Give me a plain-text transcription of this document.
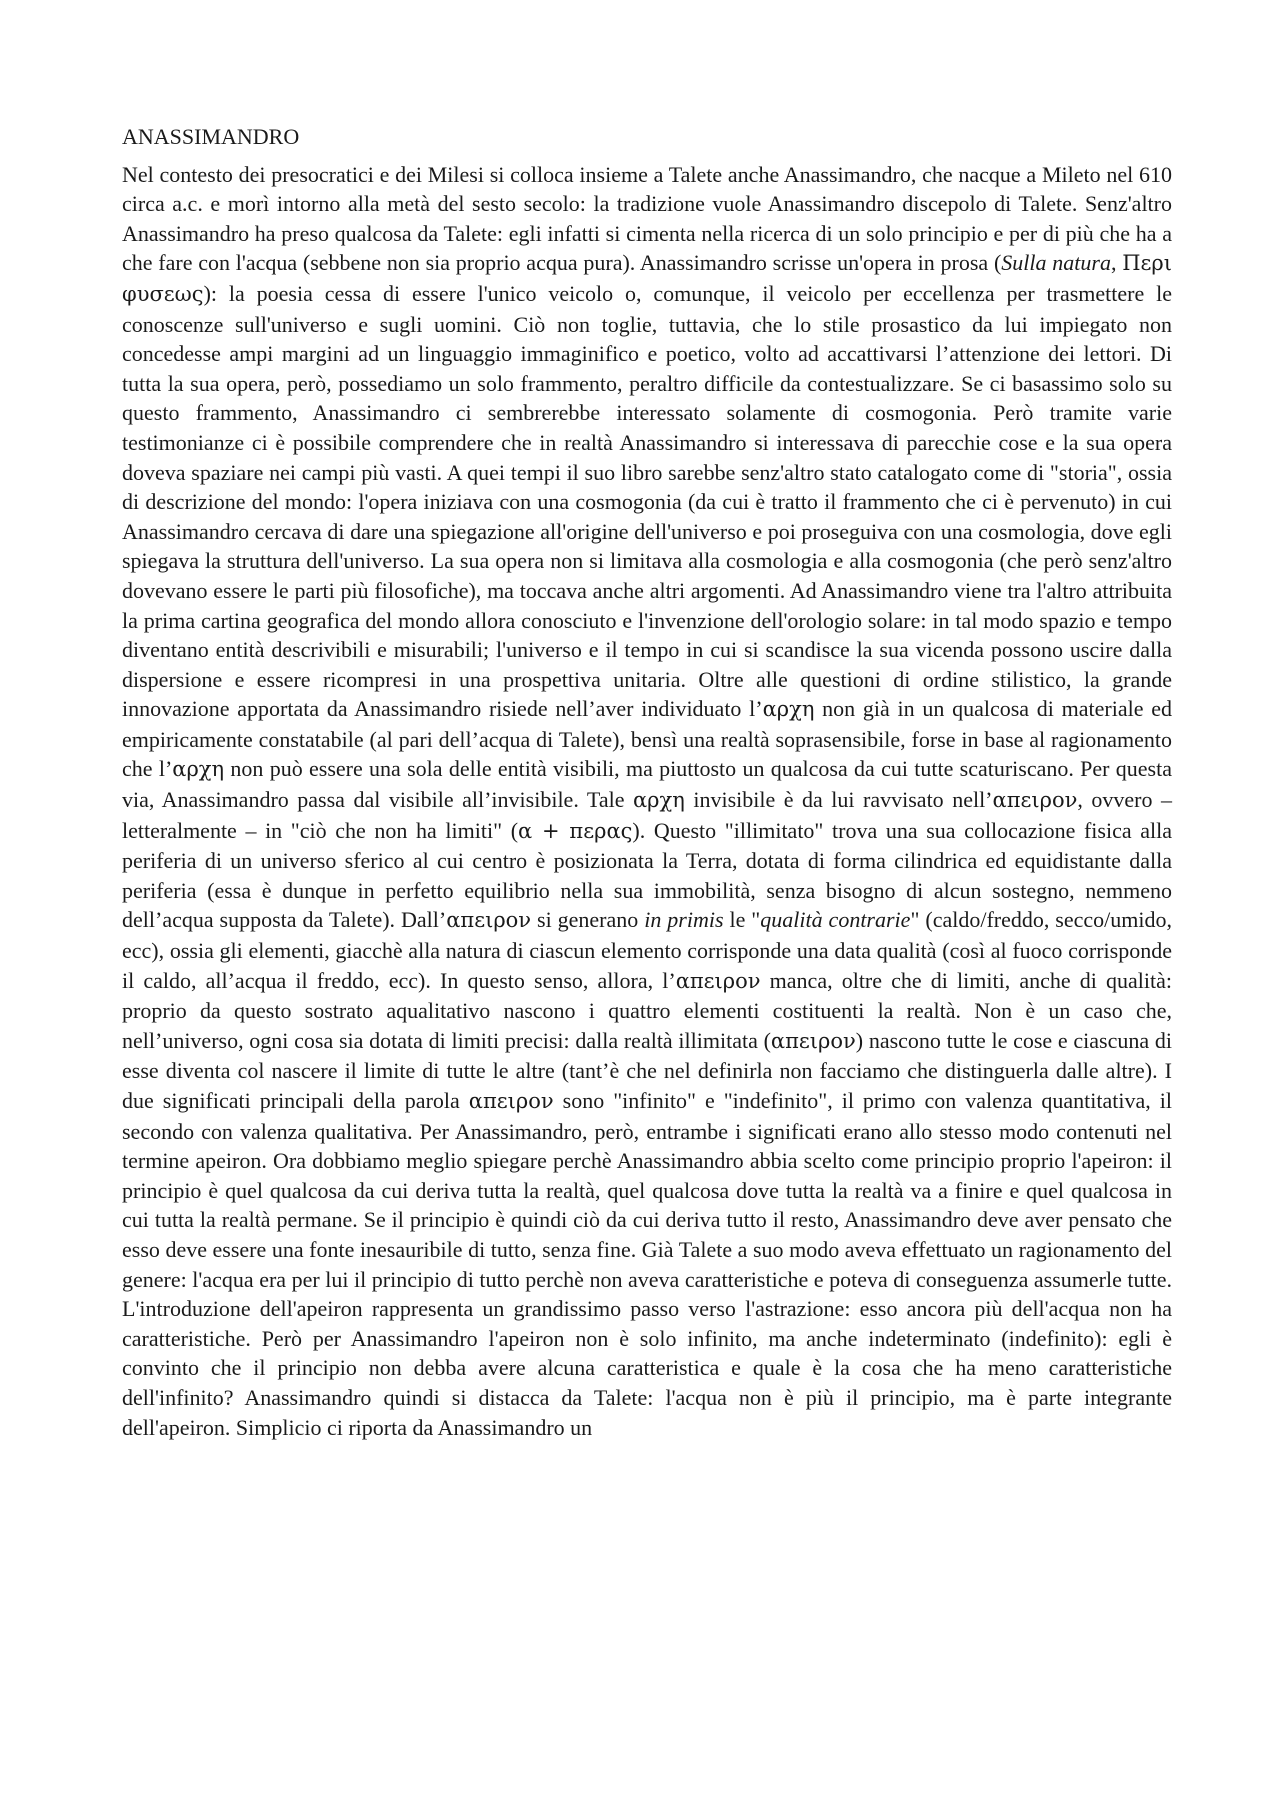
ANASSIMANDRO

Nel contesto dei presocratici e dei Milesi si colloca insieme a Talete anche Anassimandro, che nacque a Mileto nel 610 circa a.c. e morì intorno alla metà del sesto secolo: la tradizione vuole Anassimandro discepolo di Talete. Senz'altro Anassimandro ha preso qualcosa da Talete: egli infatti si cimenta nella ricerca di un solo principio e per di più che ha a che fare con l'acqua (sebbene non sia proprio acqua pura). Anassimandro scrisse un'opera in prosa (Sulla natura, Περι φυσεως): la poesia cessa di essere l'unico veicolo o, comunque, il veicolo per eccellenza per trasmettere le conoscenze sull'universo e sugli uomini. Ciò non toglie, tuttavia, che lo stile prosastico da lui impiegato non concedesse ampi margini ad un linguaggio immaginifico e poetico, volto ad accattivarsi l’attenzione dei lettori. Di tutta la sua opera, però, possediamo un solo frammento, peraltro difficile da contestualizzare. Se ci basassimo solo su questo frammento, Anassimandro ci sembrerebbe interessato solamente di cosmogonia. Però tramite varie testimonianze ci è possibile comprendere che in realtà Anassimandro si interessava di parecchie cose e la sua opera doveva spaziare nei campi più vasti. A quei tempi il suo libro sarebbe senz'altro stato catalogato come di "storia", ossia di descrizione del mondo: l'opera iniziava con una cosmogonia (da cui è tratto il frammento che ci è pervenuto) in cui Anassimandro cercava di dare una spiegazione all'origine dell'universo e poi proseguiva con una cosmologia, dove egli spiegava la struttura dell'universo. La sua opera non si limitava alla cosmologia e alla cosmogonia (che però senz'altro dovevano essere le parti più filosofiche), ma toccava anche altri argomenti. Ad Anassimandro viene tra l'altro attribuita la prima cartina geografica del mondo allora conosciuto e l'invenzione dell'orologio solare: in tal modo spazio e tempo diventano entità descrivibili e misurabili; l'universo e il tempo in cui si scandisce la sua vicenda possono uscire dalla dispersione e essere ricompresi in una prospettiva unitaria. Oltre alle questioni di ordine stilistico, la grande innovazione apportata da Anassimandro risiede nell’aver individuato l’αρχη non già in un qualcosa di materiale ed empiricamente constatabile (al pari dell’acqua di Talete), bensì una realtà soprasensibile, forse in base al ragionamento che l’αρχη non può essere una sola delle entità visibili, ma piuttosto un qualcosa da cui tutte scaturiscano. Per questa via, Anassimandro passa dal visibile all’invisibile. Tale αρχη invisibile è da lui ravvisato nell’απειρον, ovvero – letteralmente – in "ciò che non ha limiti" (α + περας). Questo "illimitato" trova una sua collocazione fisica alla periferia di un universo sferico al cui centro è posizionata la Terra, dotata di forma cilindrica ed equidistante dalla periferia (essa è dunque in perfetto equilibrio nella sua immobilità, senza bisogno di alcun sostegno, nemmeno dell’acqua supposta da Talete). Dall’απειρον si generano in primis le "qualità contrarie" (caldo/freddo, secco/umido, ecc), ossia gli elementi, giacchè alla natura di ciascun elemento corrisponde una data qualità (così al fuoco corrisponde il caldo, all’acqua il freddo, ecc). In questo senso, allora, l’απειρον manca, oltre che di limiti, anche di qualità: proprio da questo sostrato aqualitativo nascono i quattro elementi costituenti la realtà. Non è un caso che, nell’universo, ogni cosa sia dotata di limiti precisi: dalla realtà illimitata (απειρον) nascono tutte le cose e ciascuna di esse diventa col nascere il limite di tutte le altre (tant’è che nel definirla non facciamo che distinguerla dalle altre). I due significati principali della parola απειρον sono "infinito" e "indefinito", il primo con valenza quantitativa, il secondo con valenza qualitativa. Per Anassimandro, però, entrambe i significati erano allo stesso modo contenuti nel termine apeiron. Ora dobbiamo meglio spiegare perchè Anassimandro abbia scelto come principio proprio l'apeiron: il principio è quel qualcosa da cui deriva tutta la realtà, quel qualcosa dove tutta la realtà va a finire e quel qualcosa in cui tutta la realtà permane. Se il principio è quindi ciò da cui deriva tutto il resto, Anassimandro deve aver pensato che esso deve essere una fonte inesauribile di tutto, senza fine. Già Talete a suo modo aveva effettuato un ragionamento del genere: l'acqua era per lui il principio di tutto perchè non aveva caratteristiche e poteva di conseguenza assumerle tutte. L'introduzione dell'apeiron rappresenta un grandissimo passo verso l'astrazione: esso ancora più dell'acqua non ha caratteristiche. Però per Anassimandro l'apeiron non è solo infinito, ma anche indeterminato (indefinito): egli è convinto che il principio non debba avere alcuna caratteristica e quale è la cosa che ha meno caratteristiche dell'infinito? Anassimandro quindi si distacca da Talete: l'acqua non è più il principio, ma è parte integrante dell'apeiron. Simplicio ci riporta da Anassimandro un
